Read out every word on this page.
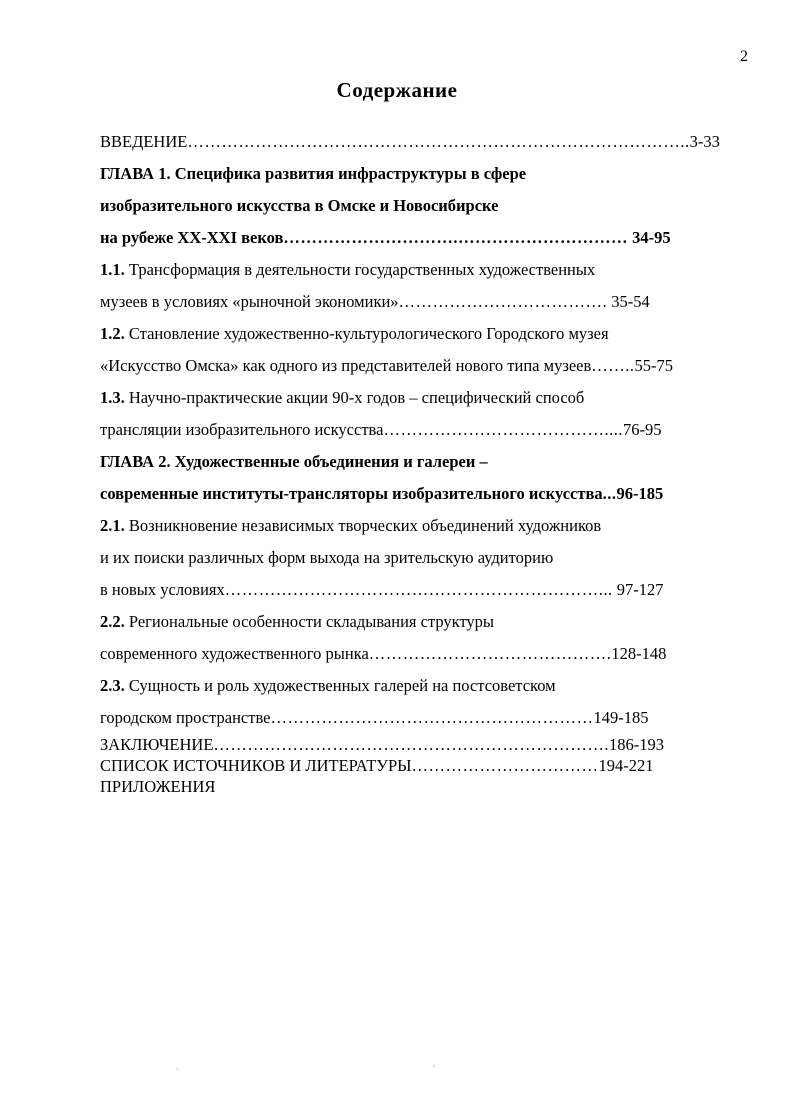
2
Содержание
ВВЕДЕНИЕ……………………………………………………………………………..3-33
ГЛАВА 1. Специфика развития инфраструктуры в сфере
изобразительного искусства в Омске и Новосибирске
на рубеже XX-XXI веков………………………….………………………… 34-95
1.1. Трансформация в деятельности государственных художественных
музеев в условиях «рыночной экономики»………………………………. 35-54
1.2. Становление художественно-культурологического Городского музея
«Искусство Омска» как одного из представителей нового типа музеев……..55-75
1.3. Научно-практические акции 90-х годов – специфический способ
трансляции изобразительного искусства…………………………………....76-95
ГЛАВА 2. Художественные объединения и галереи –
современные институты-трансляторы изобразительного искусства...96-185
2.1. Возникновение независимых творческих объединений художников
и их поиски различных форм выхода на зрительскую аудиторию
в новых условиях…………………………………………………………... 97-127
2.2. Региональные особенности складывания структуры
современного художественного рынка…………………………………….128-148
2.3. Сущность и роль художественных галерей на постсоветском
городском пространстве…………………………………………………149-185
ЗАКЛЮЧЕНИЕ…………………………………………………………….186-193
СПИСОК ИСТОЧНИКОВ И ЛИТЕРАТУРЫ……………………………194-221
ПРИЛОЖЕНИЯ
ʼ	ʻ
